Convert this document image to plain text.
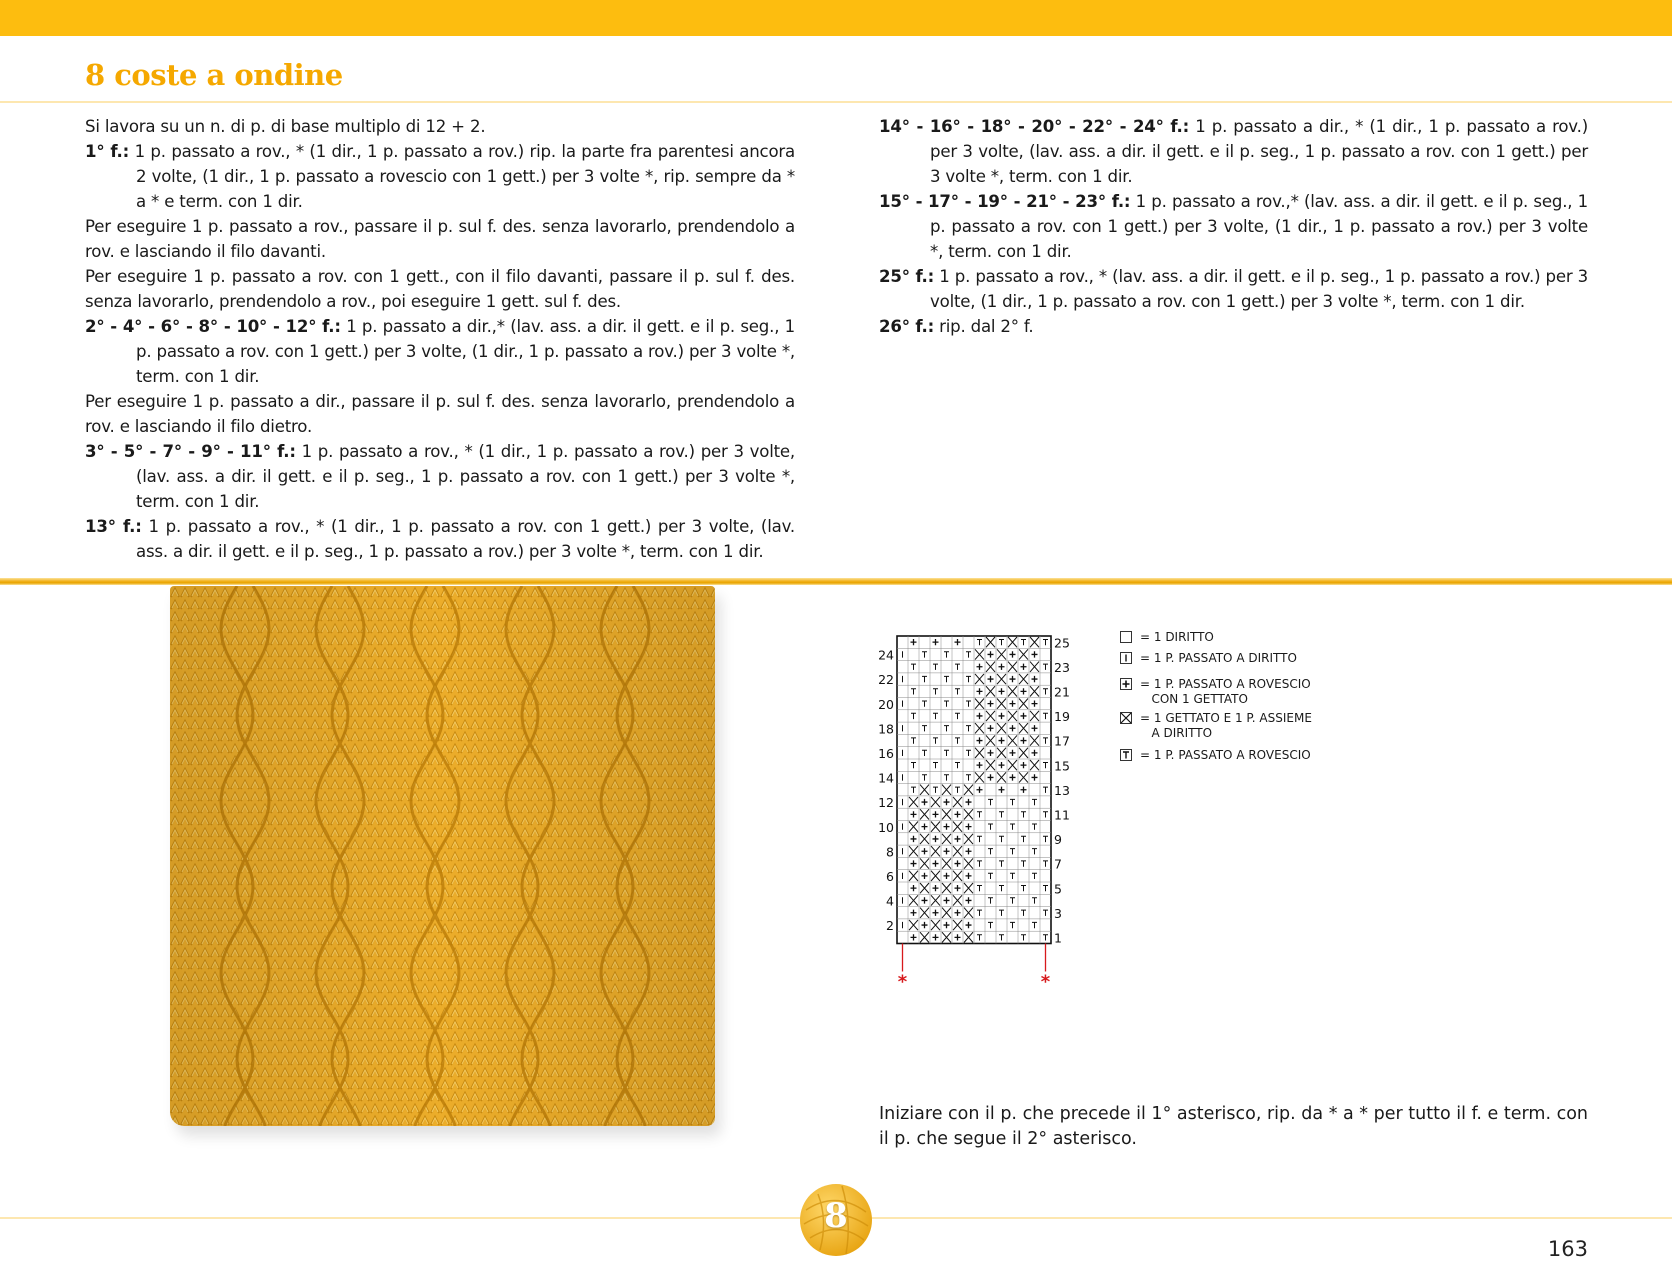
8 coste a ondine

Si lavora su un n. di p. di base multiplo di 12 + 2.

1° f.: 1 p. passato a rov., * (1 dir., 1 p. passato a rov.) rip. la parte fra parentesi ancora 2 volte, (1 dir., 1 p. passato a rovescio con 1 gett.) per 3 volte *, rip. sempre da * a * e term. con 1 dir.

Per eseguire 1 p. passato a rov., passare il p. sul f. des. senza lavorarlo, prendendolo a rov. e lasciando il filo davanti.

Per eseguire 1 p. passato a rov. con 1 gett., con il filo davanti, passare il p. sul f. des. senza lavorarlo, prendendolo a rov., poi eseguire 1 gett. sul f. des.

2° - 4° - 6° - 8° - 10° - 12° f.: 1 p. passato a dir.,* (lav. ass. a dir. il gett. e il p. seg., 1 p. passato a rov. con 1 gett.) per 3 volte, (1 dir., 1 p. passato a rov.) per 3 volte *, term. con 1 dir.

Per eseguire 1 p. passato a dir., passare il p. sul f. des. senza lavorarlo, prendendolo a rov. e lasciando il filo dietro.

3° - 5° - 7° - 9° - 11° f.: 1 p. passato a rov., * (1 dir., 1 p. passato a rov.) per 3 volte, (lav. ass. a dir. il gett. e il p. seg., 1 p. passato a rov. con 1 gett.) per 3 volte *, term. con 1 dir.

13° f.: 1 p. passato a rov., * (1 dir., 1 p. passato a rov. con 1 gett.) per 3 volte, (lav. ass. a dir. il gett. e il p. seg., 1 p. passato a rov.) per 3 volte *, term. con 1 dir.

14° - 16° - 18° - 20° - 22° - 24° f.: 1 p. passato a dir., * (1 dir., 1 p. passato a rov.) per 3 volte, (lav. ass. a dir. il gett. e il p. seg., 1 p. passato a rov. con 1 gett.) per 3 volte *, term. con 1 dir.

15° - 17° - 19° - 21° - 23° f.: 1 p. passato a rov.,* (lav. ass. a dir. il gett. e il p. seg., 1 p. passato a rov. con 1 gett.) per 3 volte, (1 dir., 1 p. passato a rov.) per 3 volte *, term. con 1 dir.

25° f.: 1 p. passato a rov., * (lav. ass. a dir. il gett. e il p. seg., 1 p. passato a rov.) per 3 volte, (1 dir., 1 p. passato a rov. con 1 gett.) per 3 volte *, term. con 1 dir.

26° f.: rip. dal 2° f.

25
23
21
19
17
15
13
11
9
7
5
3
1
24
22
20
18
16
14
12
10
8
6
4
2
*	*
= 1 DIRITTO
= 1 P. PASSATO A DIRITTO
= 1 P. PASSATO A ROVESCIO
CON 1 GETTATO
= 1 GETTATO E 1 P. ASSIEME
A DIRITTO
= 1 P. PASSATO A ROVESCIO

Iniziare con il p. che precede il 1° asterisco, rip. da * a * per tutto il f. e term. con il p. che segue il 2° asterisco.

8
163
